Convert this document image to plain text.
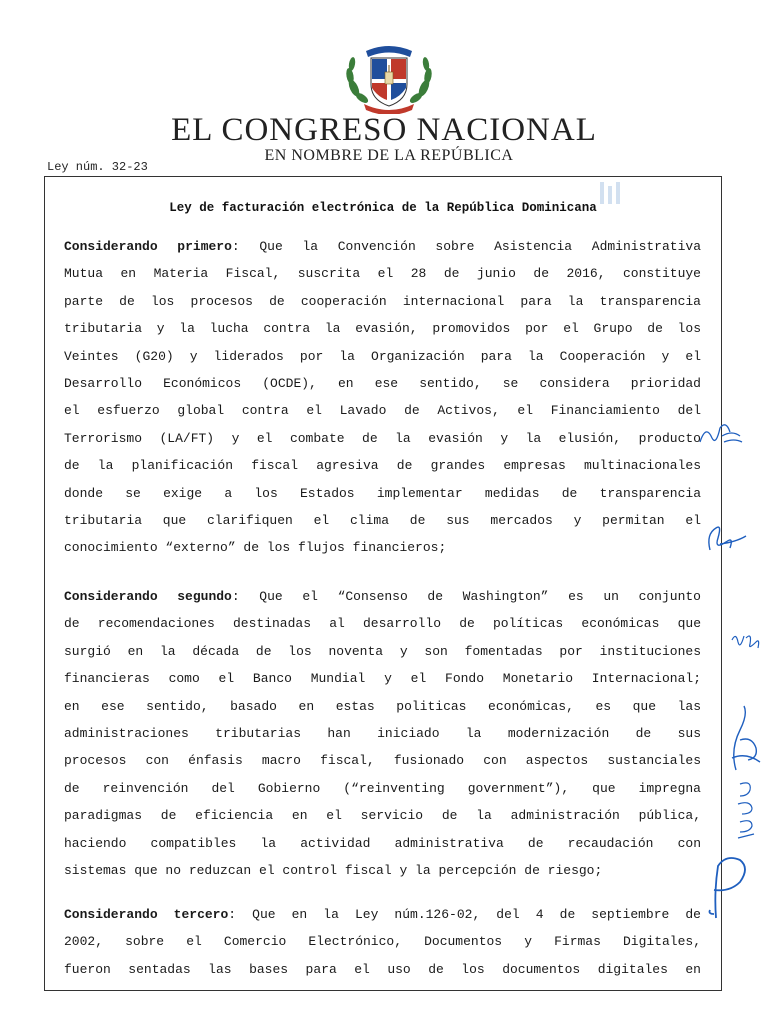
EL CONGRESO NACIONAL
EN NOMBRE DE LA REPÚBLICA
Ley núm. 32-23
Ley de facturación electrónica de la República Dominicana
Considerando primero: Que la Convención sobre Asistencia Administrativa
Mutua en Materia Fiscal, suscrita el 28 de junio de 2016, constituye
parte de los procesos de cooperación internacional para la transparencia
tributaria y la lucha contra la evasión, promovidos por el Grupo de los
Veintes (G20) y liderados por la Organización para la Cooperación y el
Desarrollo Económicos (OCDE), en ese sentido, se considera prioridad
el esfuerzo global contra el Lavado de Activos, el Financiamiento del
Terrorismo (LA/FT) y el combate de la evasión y la elusión, producto
de la planificación fiscal agresiva de grandes empresas multinacionales
donde se exige a los Estados implementar medidas de transparencia
tributaria que clarifiquen el clima de sus mercados y permitan el
conocimiento “externo” de los flujos financieros;
Considerando segundo: Que el “Consenso de Washington” es un conjunto
de recomendaciones destinadas al desarrollo de políticas económicas que
surgió en la década de los noventa y son fomentadas por instituciones
financieras como el Banco Mundial y el Fondo Monetario Internacional;
en ese sentido, basado en estas politicas económicas, es que las
administraciones tributarias han iniciado la modernización de sus
procesos con énfasis macro fiscal, fusionado con aspectos sustanciales
de reinvención del Gobierno (“reinventing government”), que impregna
paradigmas de eficiencia en el servicio de la administración pública,
haciendo compatibles la actividad administrativa de recaudación con
sistemas que no reduzcan el control fiscal y la percepción de riesgo;
Considerando tercero: Que en la Ley núm.126-02, del 4 de septiembre de
2002, sobre el Comercio Electrónico, Documentos y Firmas Digitales,
fueron sentadas las bases para el uso de los documentos digitales en
